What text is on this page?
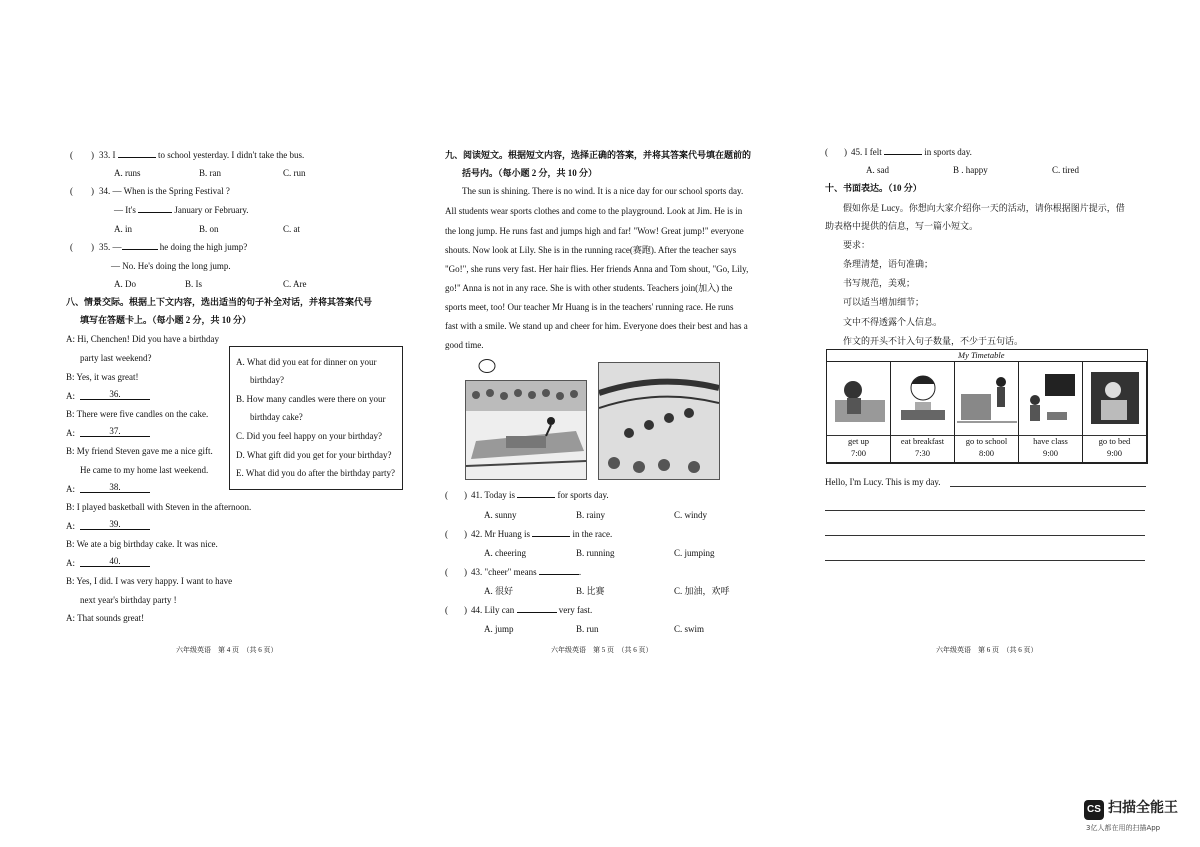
(　	) 33. I	to school yesterday. I didn't take the bus.
A. runs	B. ran	C. run
( ) 34. — When is the Spring Festival ?
— It's	January or February.
A. in	B. on	C. at
( ) 35. —	he doing the high jump?
— No. He's doing the long jump.
A. Do	B. Is	C. Are
八、情景交际。根据上下文内容，选出适当的句子补全对话，并将其答案代号
填写在答题卡上。（每小题 2 分，共 10 分）
A: Hi, Chenchen! Did you have a birthday
party last weekend?
B: Yes, it was great!
A:	36.
B: There were five candles on the cake.
A:	37.
B: My friend Steven gave me a nice gift.
He came to my home last weekend.
A:	38.
B: I played basketball with Steven in the afternoon.
A:	39.
B: We ate a big birthday cake. It was nice.
A:	40.
B: Yes, I did. I was very happy. I want to have
next year's birthday party !
A: That sounds great!
A. What did you eat for dinner on your
birthday?
B. How many candles were there on your
birthday cake?
C. Did you feel happy on your birthday?
D. What gift did you get for your birthday?
E. What did you do after the birthday party?
六年级英语　第 4 页　（共 6 页）
九、阅读短文。根据短文内容，选择正确的答案，并将其答案代号填在题前的
括号内。（每小题 2 分，共 10 分）
The sun is shining. There is no wind. It is a nice day for our school sports day.
All students wear sports clothes and come to the playground. Look at Jim. He is in
the long jump. He runs fast and jumps high and far! "Wow! Great jump!" everyone
shouts. Now look at Lily. She is in the running race(赛跑). After the teacher says
"Go!", she runs very fast. Her hair flies. Her friends Anna and Tom shout, "Go, Lily,
go!" Anna is not in any race. She is with other students. Teachers join(加入) the
sports meet, too! Our teacher Mr Huang is in the teachers' running race. He runs
fast with a smile. We stand up and cheer for him. Everyone does their best and has a
good time.
( ) 41. Today is	for sports day.
A. sunny	B. rainy	C. windy
( ) 42. Mr Huang is	in the race.
A. cheering	B. running	C. jumping
( ) 43. "cheer" means	.
A. 很好	B. 比赛	C. 加油，欢呼
( ) 44. Lily can	very fast.
A. jump	B. run	C. swim
六年级英语　第 5 页　（共 6 页）
( ) 45. I felt	in sports day.
A. sad	B . happy	C. tired
十、书面表达。（10 分）
假如你是 Lucy。你想向大家介绍你一天的活动，请你根据图片提示，借
助表格中提供的信息，写一篇小短文。
要求：
条理清楚，语句准确；
书写规范，美观；
可以适当增加细节；
文中不得透露个人信息。
作文的开头不计入句子数量，不少于五句话。
My Timetable
get up
7:00
eat breakfast
7:30
go to school
8:00
have class
9:00
go to bed
9:00
Hello, I'm Lucy. This is my day.
六年级英语　第 6 页　（共 6 页）
CS 扫描全能王
3亿人都在用的扫描App
